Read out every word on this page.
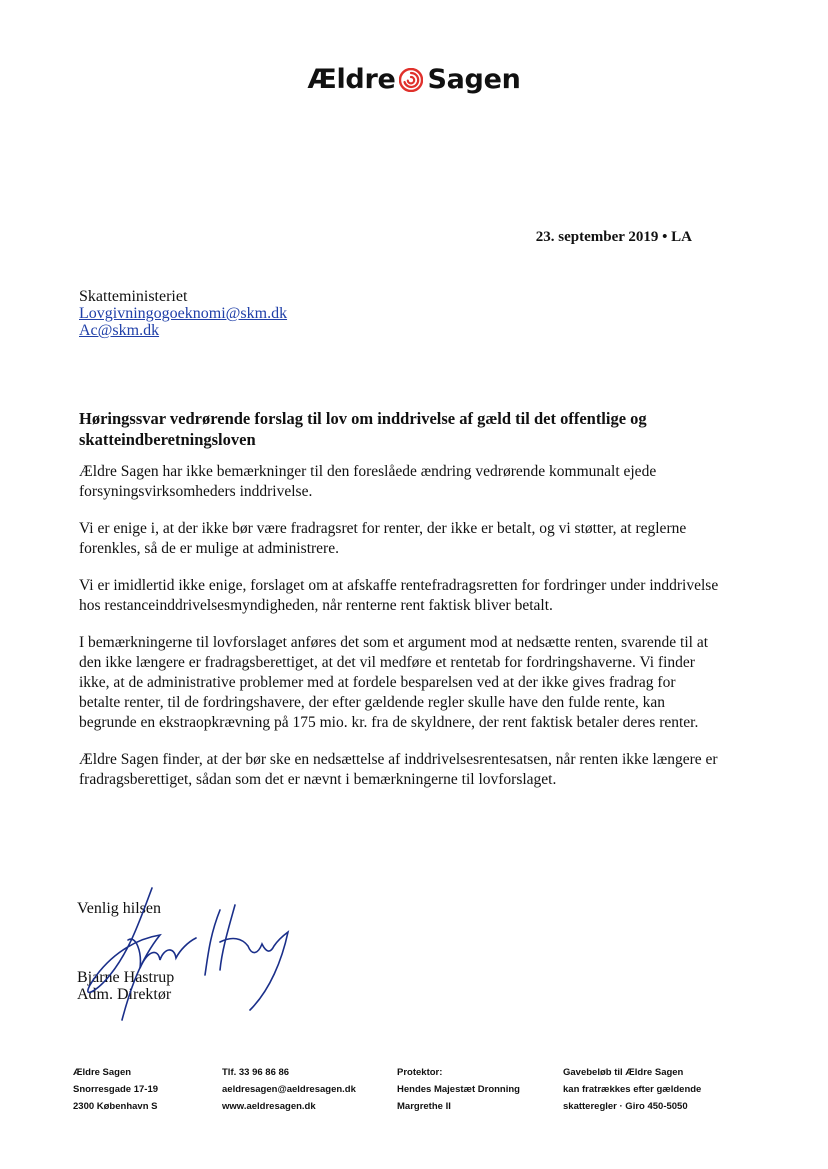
Ældre Sagen
23. september 2019 • LA
Skatteministeriet
Lovgivningogoeknomi@skm.dk
Ac@skm.dk
Høringssvar vedrørende forslag til lov om inddrivelse af gæld til det offentlige og skatteindberetningsloven

Ældre Sagen har ikke bemærkninger til den foreslåede ændring vedrørende kommunalt ejede forsyningsvirksomheders inddrivelse.

Vi er enige i, at der ikke bør være fradragsret for renter, der ikke er betalt, og vi støtter, at reglerne forenkles, så de er mulige at administrere.

Vi er imidlertid ikke enige, forslaget om at afskaffe rentefradragsretten for fordringer under inddrivelse hos restanceinddrivelsesmyndigheden, når renterne rent faktisk bliver betalt.

I bemærkningerne til lovforslaget anføres det som et argument mod at nedsætte renten, svarende til at den ikke længere er fradragsberettiget, at det vil medføre et rentetab for fordringshaverne. Vi finder ikke, at de administrative problemer med at fordele besparelsen ved at der ikke gives fradrag for betalte renter, til de fordringshavere, der efter gældende regler skulle have den fulde rente, kan begrunde en ekstraopkrævning på 175 mio. kr. fra de skyldnere, der rent faktisk betaler deres renter.

Ældre Sagen finder, at der bør ske en nedsættelse af inddrivelsesrentesatsen, når renten ikke længere er fradragsberettiget, sådan som det er nævnt i bemærkningerne til lovforslaget.

Venlig hilsen
Bjarne Hastrup
Adm. Direktør
Ældre Sagen
Snorresgade 17-19
2300 København S
Tlf. 33 96 86 86
aeldresagen@aeldresagen.dk
www.aeldresagen.dk
Protektor:
Hendes Majestæt Dronning
Margrethe II
Gavebeløb til Ældre Sagen
kan fratrækkes efter gældende
skatteregler · Giro 450-5050
